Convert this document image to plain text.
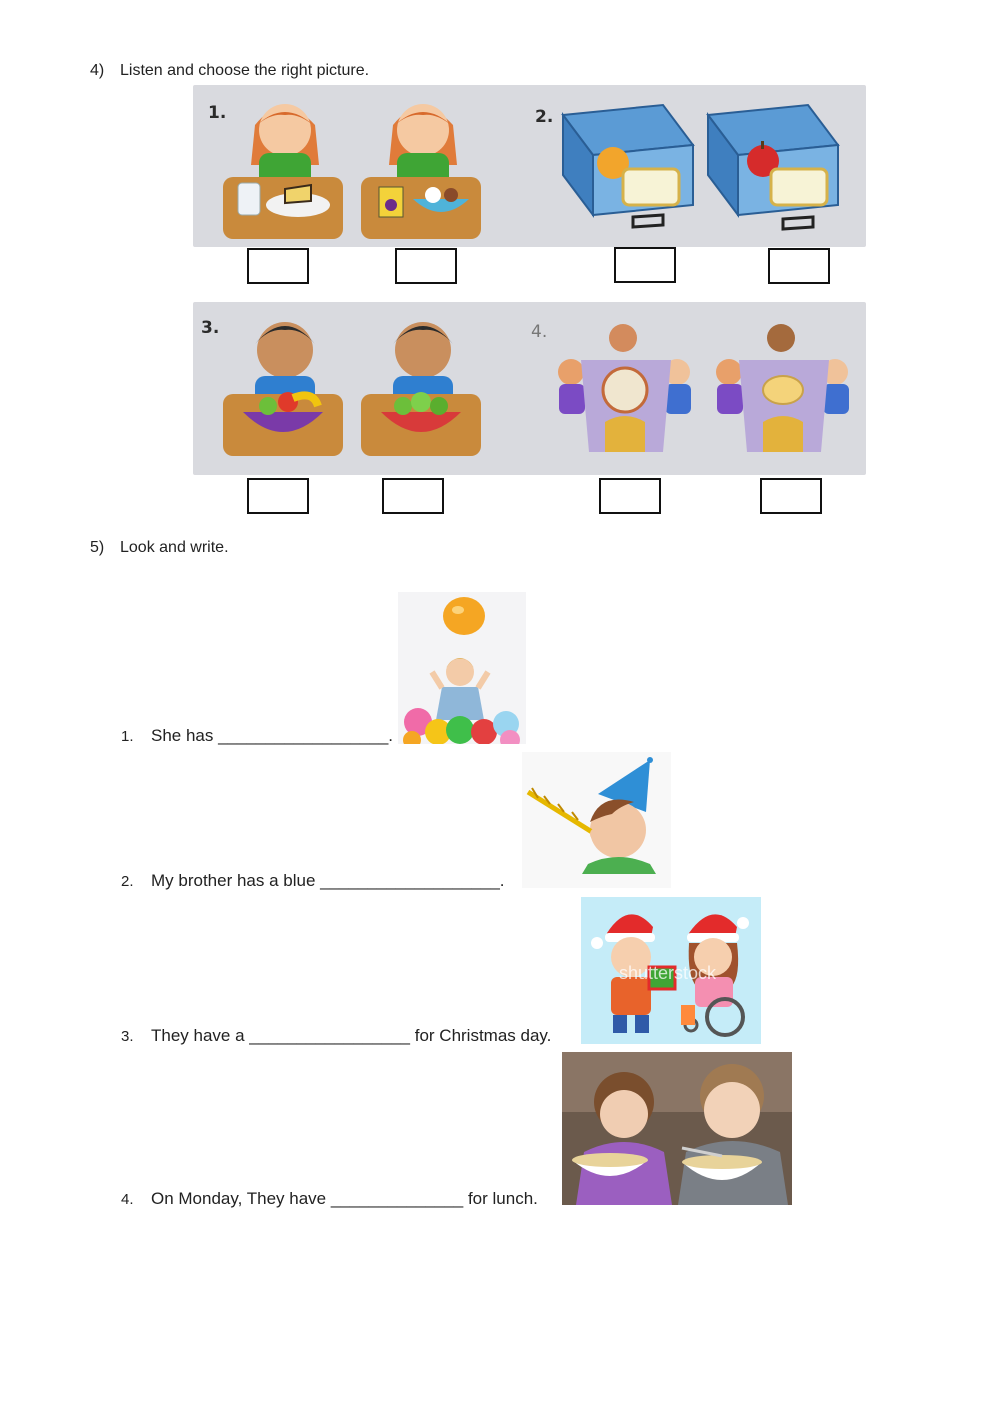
4) Listen and choose the right picture.
1.	2.
3.	4.
5) Look and write.
1. She has __________________.
2. My brother has a blue ___________________.
3. They have a _________________ for Christmas day.
shutterstock
4. On Monday, They have ______________ for lunch.
